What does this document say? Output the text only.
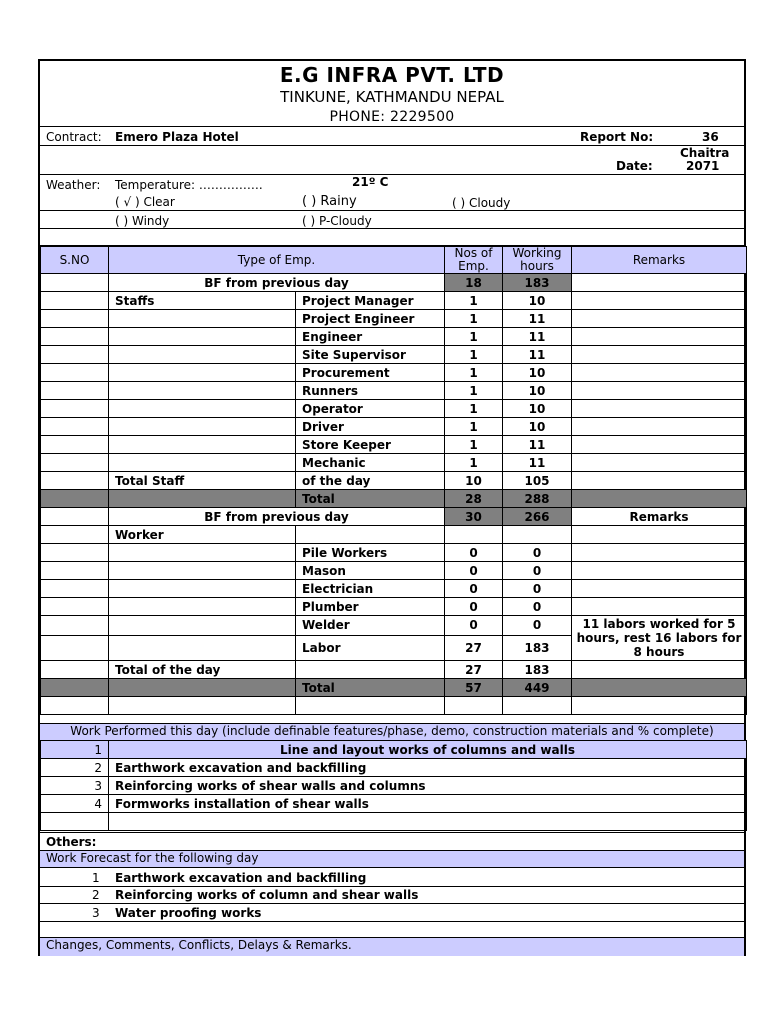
E.G INFRA PVT. LTD
TINKUNE, KATHMANDU NEPAL
PHONE: 2229500
Contract: Emero Plaza Hotel	Report No:	36
Chaitra
Date:	2071
Weather: Temperature: …………….	21º C
( √ ) Clear	( ) Rainy	( ) Cloudy
( ) Windy	( ) P-Cloudy
S.NO	Type of Emp.		Nos of Emp.	Working hours	Remarks
	BF from previous day		18	183	
	Staffs	Project Manager	1	10	
		Project Engineer	1	11	
		Engineer	1	11	
		Site Supervisor	1	11	
		Procurement	1	10	
		Runners	1	10	
		Operator	1	10	
		Driver	1	10	
		Store Keeper	1	11	
		Mechanic	1	11	
	Total Staff	of the day	10	105	
		Total	28	288	
	BF from previous day		30	266	Remarks
	Worker				
		Pile Workers	0	0	
		Mason	0	0	
		Electrician	0	0	
		Plumber	0	0	
		Welder	0	0	11 labors worked for 5 hours, rest 16 labors for 8 hours
		Labor	27	183	
	Total of the day		27	183	
		Total	57	449	

Work Performed this day (include definable features/phase, demo, construction materials and % complete)
1	Line and layout works of columns and walls
2	Earthwork excavation and backfilling
3	Reinforcing works of shear walls and columns
4	Formworks installation of shear walls

Others:
Work Forecast for the following day
1 Earthwork excavation and backfilling
2 Reinforcing works of column and shear walls
3 Water proofing works
Changes, Comments, Conflicts, Delays & Remarks.
